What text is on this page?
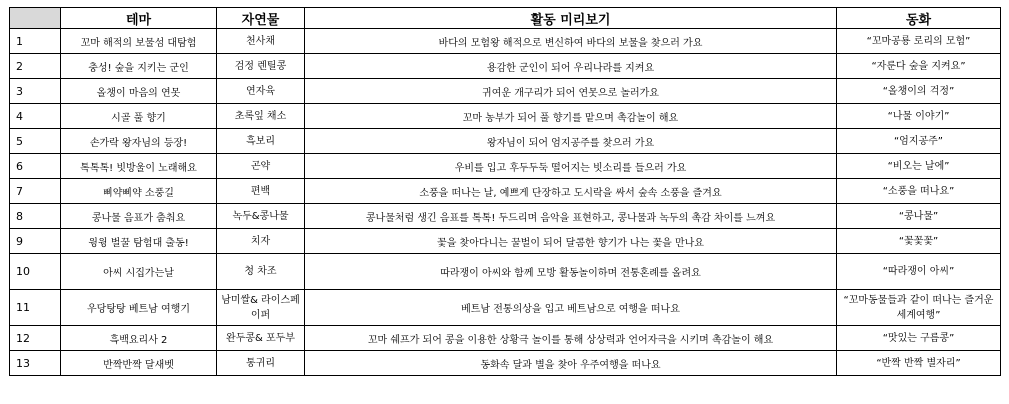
	테마	자연물	활동 미리보기	동화
1	꼬마 해적의 보물섬 대탐험	천사채	바다의 모험왕 해적으로 변신하여 바다의 보물을 찾으러 가요	“꼬마공룡 로리의 모험”
2	충성! 숲을 지키는 군인	검정 렌틸콩	용감한 군인이 되어 우리나라를 지켜요	“자룬다 숲을 지켜요”
3	올챙이 마음의 연못	연자육	귀여운 개구리가 되어 연못으로 놀러가요	“올챙이의 걱정”
4	시골 풀 향기	초록잎 채소	꼬마 농부가 되어 풀 향기를 맡으며 촉감놀이 해요	“나물 이야기”
5	손가락 왕자님의 등장!	흑보리	왕자님이 되어 엄지공주를 찾으러 가요	“엄지공주”
6	톡톡톡! 빗방울이 노래해요	곤약	우비를 입고 후두두둑 떨어지는 빗소리를 들으러 가요	“비오는 날에”
7	삐약삐약 소풍길	편백	소풍을 떠나는 날, 예쁘게 단장하고 도시락을 싸서 숲속 소풍을 즐겨요	“소풍을 떠나요”
8	콩나물 음표가 춤춰요	녹두&콩나물	콩나물처럼 생긴 음표를 톡톡! 두드리며 음악을 표현하고, 콩나물과 녹두의 촉감 차이를 느껴요	“콩나물”
9	윙윙 벌꿀 탐험대 출동!	치자	꽃을 찾아다니는 꿀벌이 되어 달콤한 향기가 나는 꽃을 만나요	“꽃꽃꽃”
10	아씨 시집가는날	청 차조	따라쟁이 아씨와 함께 모방 활동놀이하며 전통혼례를 올려요	“따라쟁이 아씨”
11	우당탕탕 베트남 여행기	남미쌀& 라이스페이퍼	베트남 전통의상을 입고 베트남으로 여행을 떠나요	“꼬마동물들과 같이 떠나는 즐거운 세계여행”
12	흑백요리사 2	완두콩& 포두부	꼬마 쉐프가 되어 콩을 이용한 상황극 놀이를 통해 상상력과 언어자극을 시키며 촉감놀이 해요	“맛있는 구름콩”
13	반짝반짝 달새벳	통귀리	동화속 달과 별을 찾아 우주여행을 떠나요	“반짝 반짝 별자리”
